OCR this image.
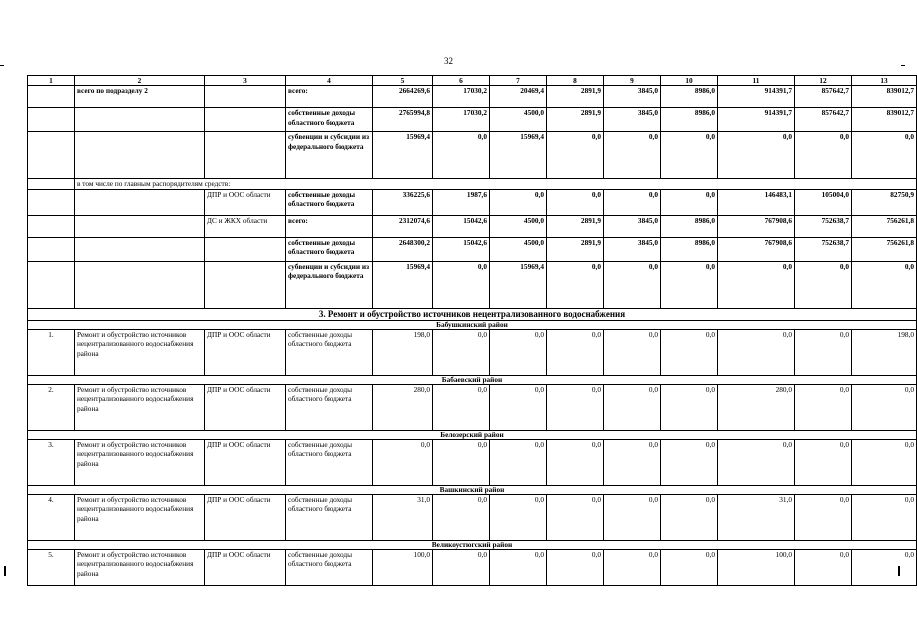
32
1	2	3	4	5	6	7	8	9	10	11	12	13
	всего по подразделу 2		всего:	2664269,6	17030,2	20469,4	2891,9	3845,0	8986,0	914391,7	857642,7	839012,7
			собственные доходы областного бюджета	2765994,8	17030,2	4500,0	2891,9	3845,0	8986,0	914391,7	857642,7	839012,7
			субвенции и субсидии из федерального бюджета	15969,4	0,0	15969,4	0,0	0,0	0,0	0,0	0,0	0,0
	в том числе по главным распорядителям средств:											
		ДПР и ООС области	собственные доходы областного бюджета	336225,6	1987,6	0,0	0,0	0,0	0,0	146483,1	105004,0	82750,9
		ДС и ЖКХ области	всего:	2312074,6	15042,6	4500,0	2891,9	3845,0	8986,0	767908,6	752638,7	756261,8
			собственные доходы областного бюджета	2648300,2	15042,6	4500,0	2891,9	3845,0	8986,0	767908,6	752638,7	756261,8
			субвенции и субсидии из федерального бюджета	15969,4	0,0	15969,4	0,0	0,0	0,0	0,0	0,0	0,0
3. Ремонт и обустройство источников нецентрализованного водоснабжения												
Бабушкинский район												
1.	Ремонт и обустройство источников нецентрализованного водоснабжения района	ДПР и ООС области	собственные доходы областного бюджета	198,0	0,0	0,0	0,0	0,0	0,0	0,0	0,0	198,0
Бабаевский район												
2.	Ремонт и обустройство источников нецентрализованного водоснабжения района	ДПР и ООС области	собственные доходы областного бюджета	280,0	0,0	0,0	0,0	0,0	0,0	280,0	0,0	0,0
Белозерский район												
3.	Ремонт и обустройство источников нецентрализованного водоснабжения района	ДПР и ООС области	собственные доходы областного бюджета	0,0	0,0	0,0	0,0	0,0	0,0	0,0	0,0	0,0
Вашкинский район												
4.	Ремонт и обустройство источников нецентрализованного водоснабжения района	ДПР и ООС области	собственные доходы областного бюджета	31,0	0,0	0,0	0,0	0,0	0,0	31,0	0,0	0,0
Великоустюгский район												
5.	Ремонт и обустройство источников нецентрализованного водоснабжения района	ДПР и ООС области	собственные доходы областного бюджета	100,0	0,0	0,0	0,0	0,0	0,0	100,0	0,0	0,0
